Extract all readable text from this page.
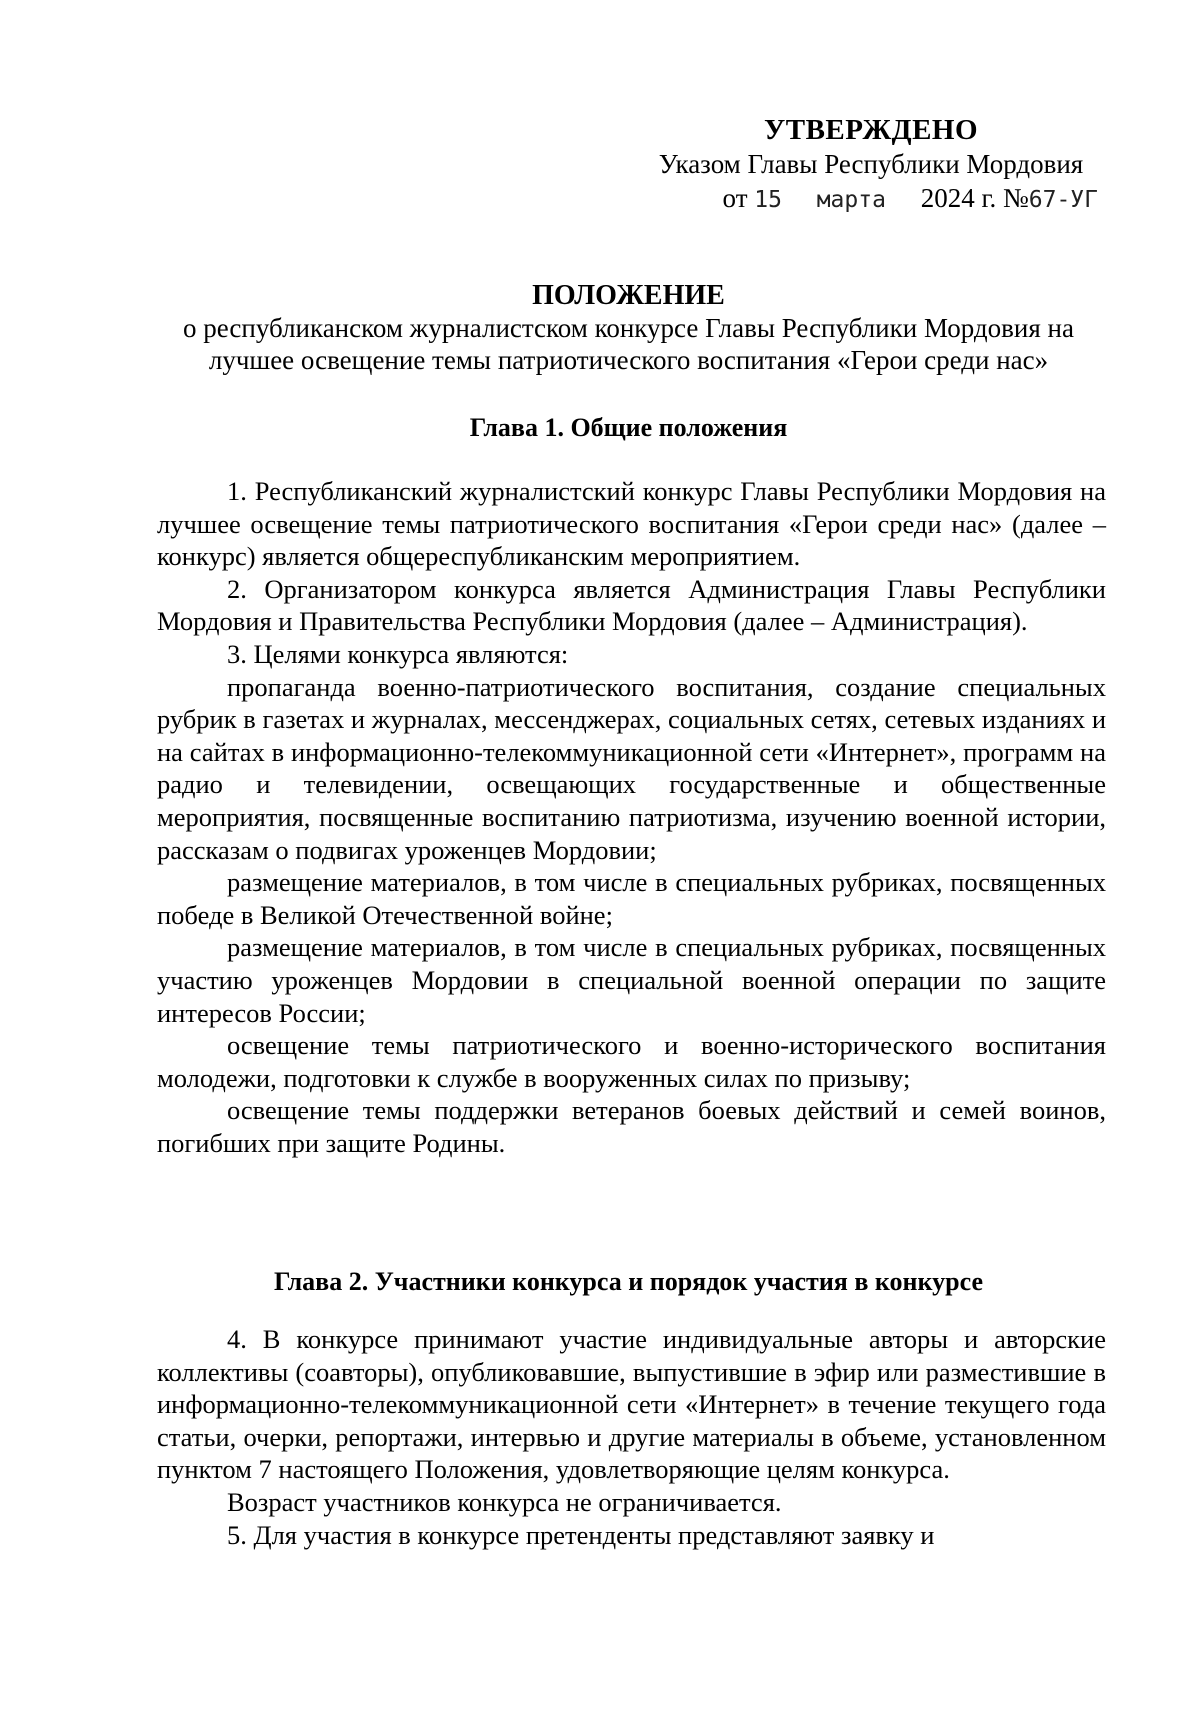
УТВЕРЖДЕНО
Указом Главы Республики Мордовия
от 15 марта 2024 г. №67-УГ
ПОЛОЖЕНИЕ
о республиканском журналистском конкурсе Главы Республики Мордовия на лучшее освещение темы патриотического воспитания «Герои среди нас»
Глава 1. Общие положения

1. Республиканский журналистский конкурс Главы Республики Мордовия на лучшее освещение темы патриотического воспитания «Герои среди нас» (далее – конкурс) является общереспубликанским мероприятием.

2. Организатором конкурса является Администрация Главы Республики Мордовия и Правительства Республики Мордовия (далее – Администрация).

3. Целями конкурса являются:

пропаганда военно-патриотического воспитания, создание специальных рубрик в газетах и журналах, мессенджерах, социальных сетях, сетевых изданиях и на сайтах в информационно-телекоммуникационной сети «Интернет», программ на радио и телевидении, освещающих государственные и общественные мероприятия, посвященные воспитанию патриотизма, изучению военной истории, рассказам о подвигах уроженцев Мордовии;

размещение материалов, в том числе в специальных рубриках, посвященных победе в Великой Отечественной войне;

размещение материалов, в том числе в специальных рубриках, посвященных участию уроженцев Мордовии в специальной военной операции по защите интересов России;

освещение темы патриотического и военно-исторического воспитания молодежи, подготовки к службе в вооруженных силах по призыву;

освещение темы поддержки ветеранов боевых действий и семей воинов, погибших при защите Родины.

Глава 2. Участники конкурса и порядок участия в конкурсе

4. В конкурсе принимают участие индивидуальные авторы и авторские коллективы (соавторы), опубликовавшие, выпустившие в эфир или разместившие в информационно-телекоммуникационной сети «Интернет» в течение текущего года статьи, очерки, репортажи, интервью и другие материалы в объеме, установленном пунктом 7 настоящего Положения, удовлетворяющие целям конкурса.

Возраст участников конкурса не ограничивается.

5. Для участия в конкурсе претенденты представляют заявку и
